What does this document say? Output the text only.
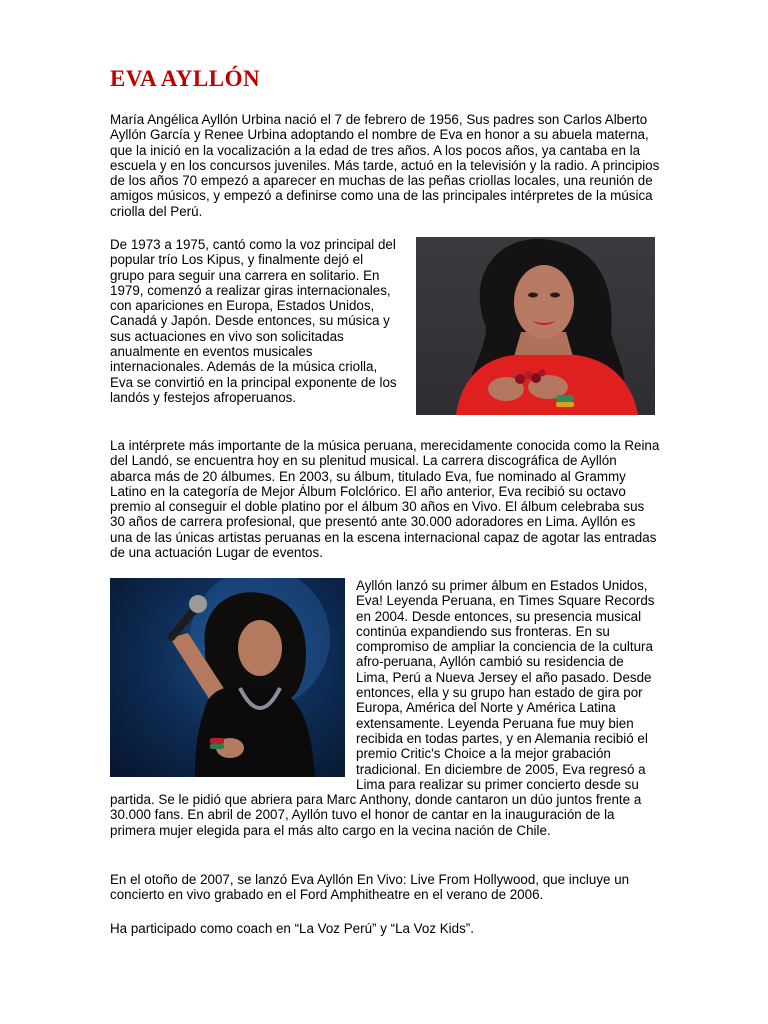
EVA AYLLÓN

María Angélica Ayllón Urbina nació el 7 de febrero de 1956, Sus padres son Carlos Alberto Ayllón García y Renee Urbina adoptando el nombre de Eva en honor a su abuela materna, que la inició en la vocalización a la edad de tres años. A los pocos años, ya cantaba en la escuela y en los concursos juveniles. Más tarde, actuó en la televisión y la radio. A principios de los años 70 empezó a aparecer en muchas de las peñas criollas locales, una reunión de amigos músicos, y empezó a definirse como una de las principales intérpretes de la música criolla del Perú.

De 1973 a 1975, cantó como la voz principal del popular trío Los Kipus, y finalmente dejó el grupo para seguir una carrera en solitario. En 1979, comenzó a realizar giras internacionales, con apariciones en Europa, Estados Unidos, Canadá y Japón. Desde entonces, su música y sus actuaciones en vivo son solicitadas anualmente en eventos musicales internacionales. Además de la música criolla, Eva se convirtió en la principal exponente de los landós y festejos afroperuanos.

La intérprete más importante de la música peruana, merecidamente conocida como la Reina del Landó, se encuentra hoy en su plenitud musical. La carrera discográfica de Ayllón abarca más de 20 álbumes. En 2003, su álbum, titulado Eva, fue nominado al Grammy Latino en la categoría de Mejor Álbum Folclórico. El año anterior, Eva recibió su octavo premio al conseguir el doble platino por el álbum 30 años en Vivo. El álbum celebraba sus 30 años de carrera profesional, que presentó ante 30.000 adoradores en Lima. Ayllón es una de las únicas artistas peruanas en la escena internacional capaz de agotar las entradas de una actuación Lugar de eventos.

Ayllón lanzó su primer álbum en Estados Unidos, Eva! Leyenda Peruana, en Times Square Records en 2004. Desde entonces, su presencia musical continúa expandiendo sus fronteras. En su compromiso de ampliar la conciencia de la cultura afro-peruana, Ayllón cambió su residencia de Lima, Perú a Nueva Jersey el año pasado. Desde entonces, ella y su grupo han estado de gira por Europa, América del Norte y América Latina extensamente. Leyenda Peruana fue muy bien recibida en todas partes, y en Alemania recibió el premio Critic's Choice a la mejor grabación tradicional. En diciembre de 2005, Eva regresó a Lima para realizar su primer concierto desde su partida. Se le pidió que abriera para Marc Anthony, donde cantaron un dúo juntos frente a 30.000 fans. En abril de 2007, Ayllón tuvo el honor de cantar en la inauguración de la primera mujer elegida para el más alto cargo en la vecina nación de Chile.

En el otoño de 2007, se lanzó Eva Ayllón En Vivo: Live From Hollywood, que incluye un concierto en vivo grabado en el Ford Amphitheatre en el verano de 2006.

Ha participado como coach en “La Voz Perú” y “La Voz Kids”.
